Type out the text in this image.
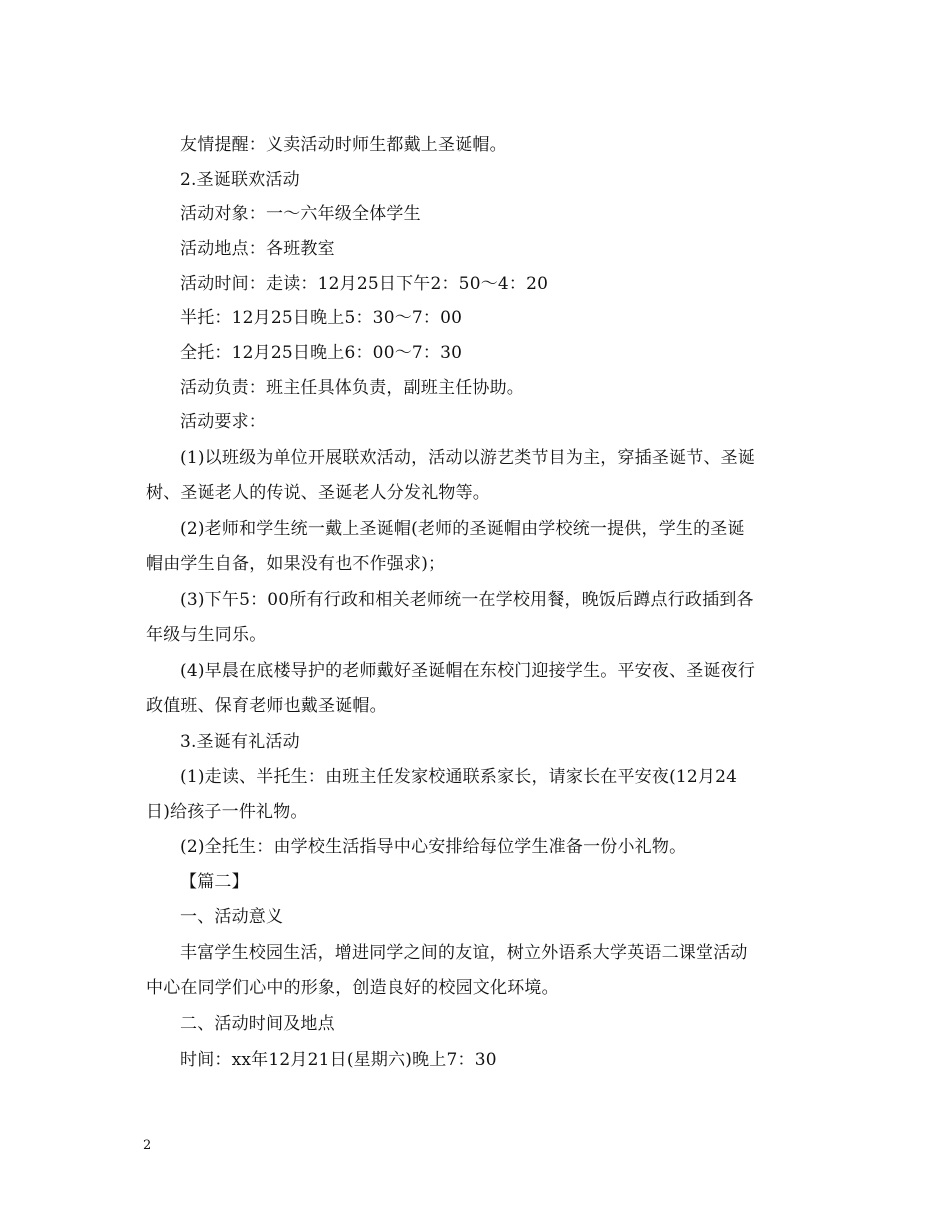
友情提醒：义卖活动时师生都戴上圣诞帽。
2.圣诞联欢活动
活动对象：一～六年级全体学生
活动地点：各班教室
活动时间：走读：12月25日下午2：50～4：20
半托：12月25日晚上5：30～7：00
全托：12月25日晚上6：00～7：30
活动负责：班主任具体负责，副班主任协助。
活动要求：
(1)以班级为单位开展联欢活动，活动以游艺类节目为主，穿插圣诞节、圣诞
树、圣诞老人的传说、圣诞老人分发礼物等。
(2)老师和学生统一戴上圣诞帽(老师的圣诞帽由学校统一提供，学生的圣诞
帽由学生自备，如果没有也不作强求)；
(3)下午5：00所有行政和相关老师统一在学校用餐，晚饭后蹲点行政插到各
年级与生同乐。
(4)早晨在底楼导护的老师戴好圣诞帽在东校门迎接学生。平安夜、圣诞夜行
政值班、保育老师也戴圣诞帽。
3.圣诞有礼活动
(1)走读、半托生：由班主任发家校通联系家长，请家长在平安夜(12月24
日)给孩子一件礼物。
(2)全托生：由学校生活指导中心安排给每位学生准备一份小礼物。
【篇二】
一、活动意义
丰富学生校园生活，增进同学之间的友谊，树立外语系大学英语二课堂活动
中心在同学们心中的形象，创造良好的校园文化环境。
二、活动时间及地点
时间：xx年12月21日(星期六)晚上7：30
2
